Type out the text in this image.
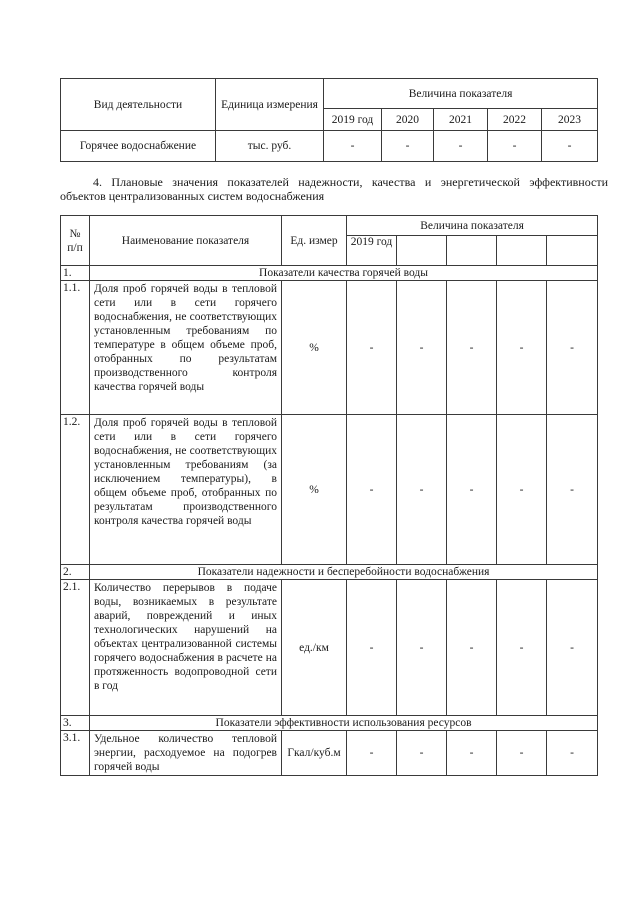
Вид деятельности	Единица измерения	Величина показателя				
		2019 год	2020	2021	2022	2023
Горячее водоснабжение	тыс. руб.	-	-	-	-	-
4. Плановые значения показателей надежности, качества и энергетической эффективности
объектов централизованных систем водоснабжения
№ п/п	Наименование показателя	Ед. измер	Величина показателя				
			2019 год				
1.	Показатели качества горячей воды						
1.1.	Доля проб горячей воды в тепловой сети или в сети горячего водоснабжения, не соответствующих установленным требованиям по температуре в общем объеме проб, отобранных по результатам производственного контроля качества горячей воды	%	-	-	-	-	-
1.2.	Доля проб горячей воды в тепловой сети или в сети горячего водоснабжения, не соответствующих установленным требованиям (за исключением температуры), в общем объеме проб, отобранных по результатам производственного контроля качества горячей воды	%	-	-	-	-	-
2.	Показатели надежности и бесперебойности водоснабжения						
2.1.	Количество перерывов в подаче воды, возникаемых в результате аварий, повреждений и иных технологических нарушений на объектах централизованной системы горячего водоснабжения в расчете на протяженность водопроводной сети в год	ед./км	-	-	-	-	-
3.	Показатели эффективности использования ресурсов						
3.1.	Удельное количество тепловой энергии, расходуемое на подогрев горячей воды	Гкал/куб.м	-	-	-	-	-
